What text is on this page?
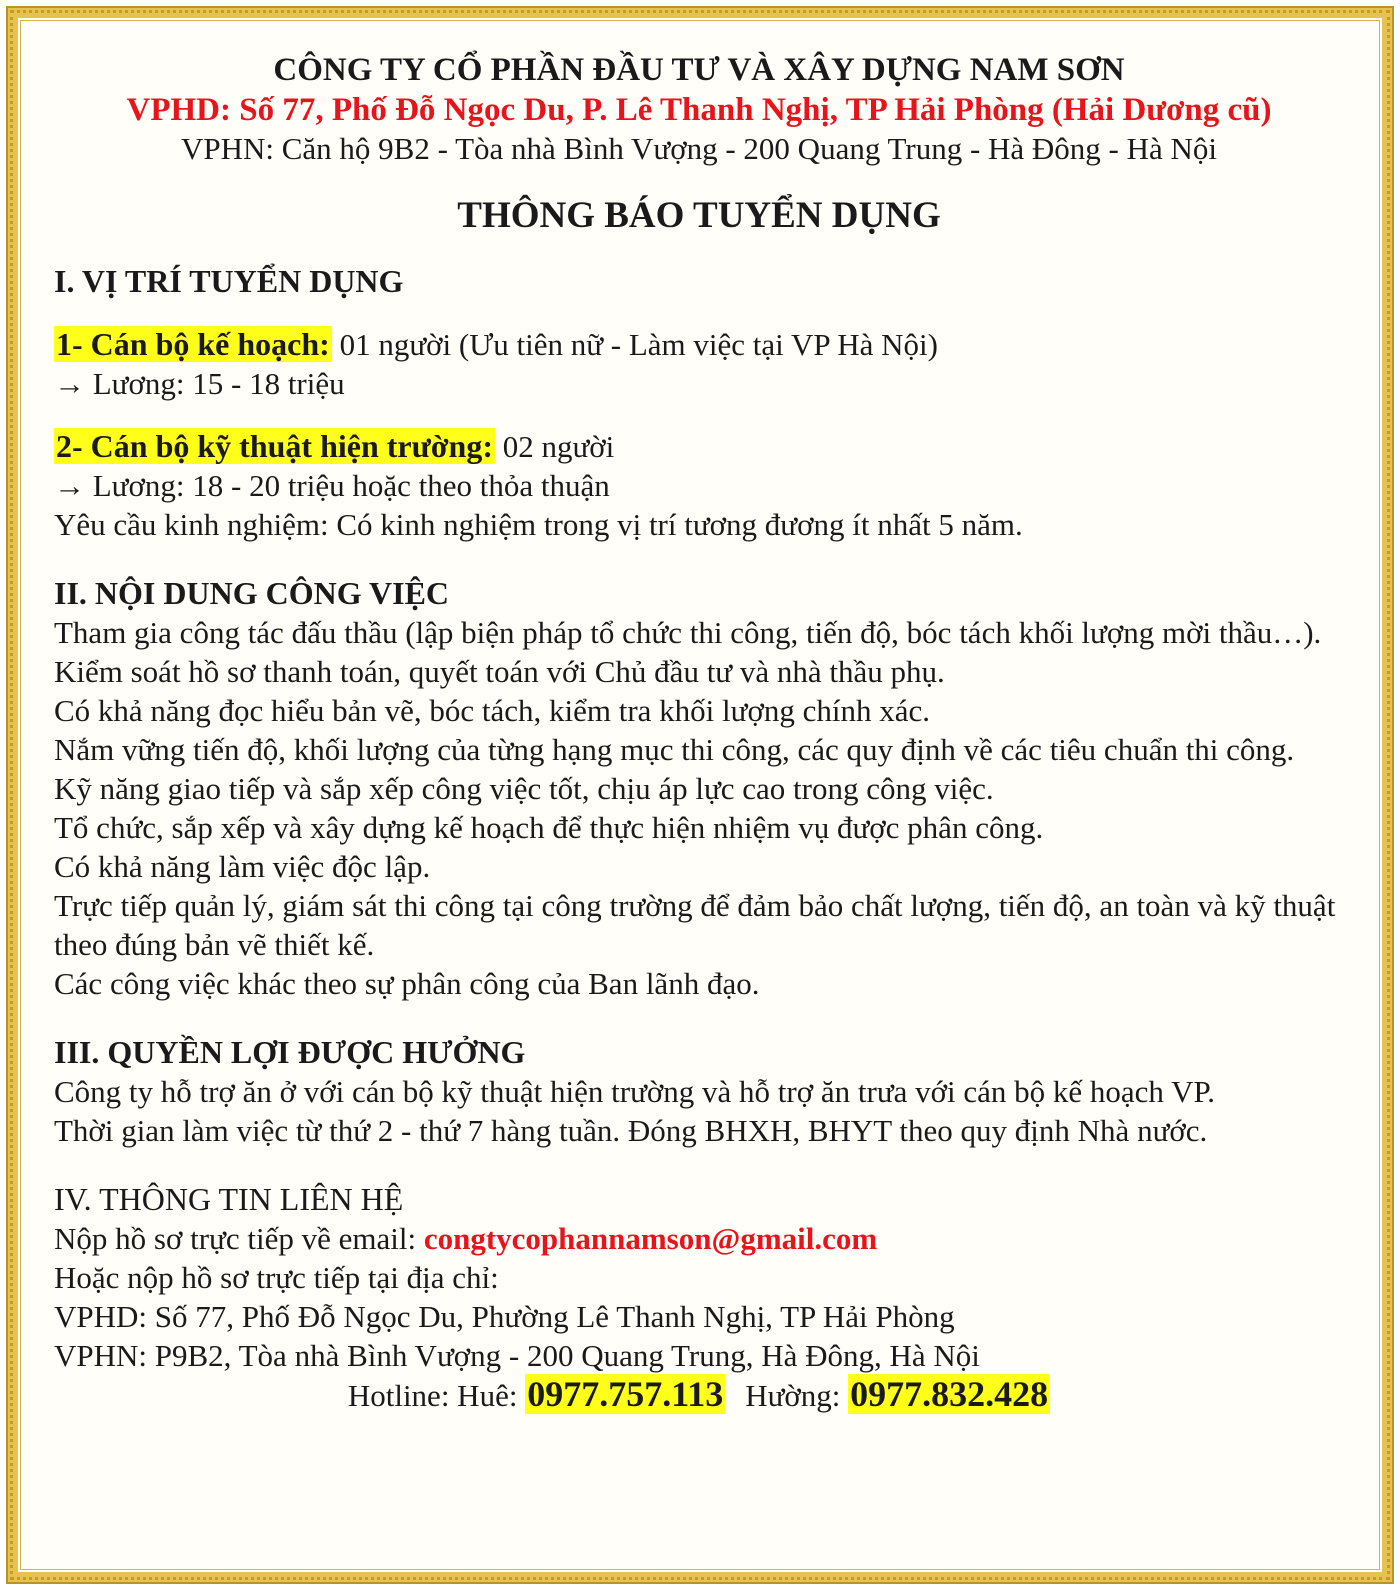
CÔNG TY CỔ PHẦN ĐẦU TƯ VÀ XÂY DỰNG NAM SƠN

VPHD: Số 77, Phố Đỗ Ngọc Du, P. Lê Thanh Nghị, TP Hải Phòng (Hải Dương cũ)

VPHN: Căn hộ 9B2 - Tòa nhà Bình Vượng - 200 Quang Trung - Hà Đông - Hà Nội

THÔNG BÁO TUYỂN DỤNG

I. VỊ TRÍ TUYỂN DỤNG

1- Cán bộ kế hoạch: 01 người (Ưu tiên nữ - Làm việc tại VP Hà Nội)

→ Lương: 15 - 18 triệu

2- Cán bộ kỹ thuật hiện trường: 02 người

→ Lương: 18 - 20 triệu hoặc theo thỏa thuận

Yêu cầu kinh nghiệm: Có kinh nghiệm trong vị trí tương đương ít nhất 5 năm.

II. NỘI DUNG CÔNG VIỆC

Tham gia công tác đấu thầu (lập biện pháp tổ chức thi công, tiến độ, bóc tách khối lượng mời thầu…).

Kiểm soát hồ sơ thanh toán, quyết toán với Chủ đầu tư và nhà thầu phụ.

Có khả năng đọc hiểu bản vẽ, bóc tách, kiểm tra khối lượng chính xác.

Nắm vững tiến độ, khối lượng của từng hạng mục thi công, các quy định về các tiêu chuẩn thi công.

Kỹ năng giao tiếp và sắp xếp công việc tốt, chịu áp lực cao trong công việc.

Tổ chức, sắp xếp và xây dựng kế hoạch để thực hiện nhiệm vụ được phân công.

Có khả năng làm việc độc lập.

Trực tiếp quản lý, giám sát thi công tại công trường để đảm bảo chất lượng, tiến độ, an toàn và kỹ thuật theo đúng bản vẽ thiết kế.

Các công việc khác theo sự phân công của Ban lãnh đạo.

III. QUYỀN LỢI ĐƯỢC HƯỞNG

Công ty hỗ trợ ăn ở với cán bộ kỹ thuật hiện trường và hỗ trợ ăn trưa với cán bộ kế hoạch VP.

Thời gian làm việc từ thứ 2 - thứ 7 hàng tuần. Đóng BHXH, BHYT theo quy định Nhà nước.

IV. THÔNG TIN LIÊN HỆ

Nộp hồ sơ trực tiếp về email: congtycophannamson@gmail.com

Hoặc nộp hồ sơ trực tiếp tại địa chỉ:

VPHD: Số 77, Phố Đỗ Ngọc Du, Phường Lê Thanh Nghị, TP Hải Phòng

VPHN: P9B2, Tòa nhà Bình Vượng - 200 Quang Trung, Hà Đông, Hà Nội

Hotline: Huê: 0977.757.113 Hường: 0977.832.428
